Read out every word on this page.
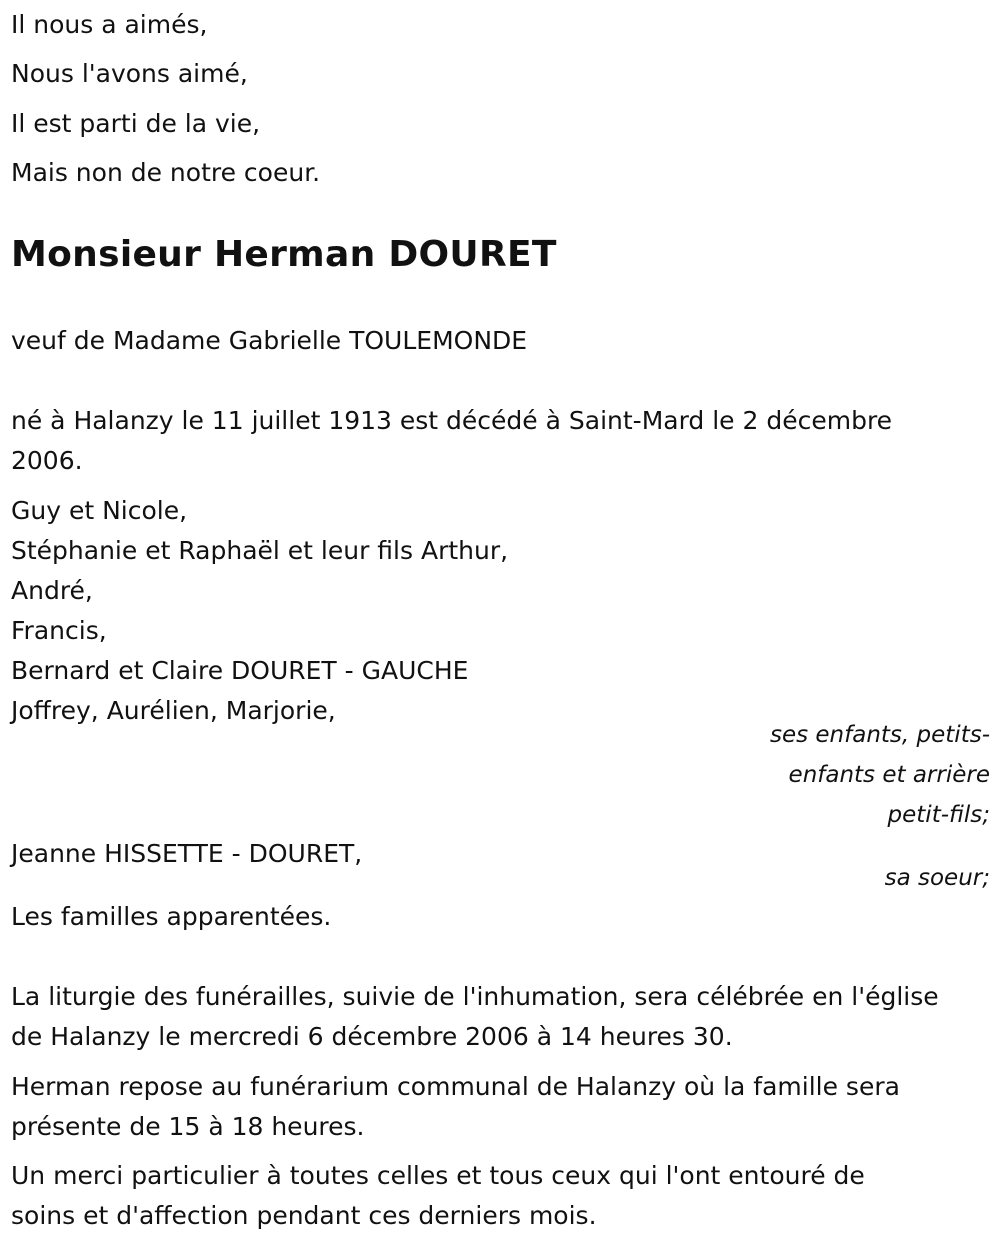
Il nous a aimés,
Nous l'avons aimé,
Il est parti de la vie,
Mais non de notre coeur.
Monsieur Herman DOURET
veuf de Madame Gabrielle TOULEMONDE
né à Halanzy le 11 juillet 1913 est décédé à Saint-Mard le 2 décembre
2006.
Guy et Nicole,
Stéphanie et Raphaël et leur fils Arthur,
André,
Francis,
Bernard et Claire DOURET - GAUCHE
Joffrey, Aurélien, Marjorie,
ses enfants, petits-
enfants et arrière
petit-fils;
Jeanne HISSETTE - DOURET,
sa soeur;
Les familles apparentées.
La liturgie des funérailles, suivie de l'inhumation, sera célébrée en l'église
de Halanzy le mercredi 6 décembre 2006 à 14 heures 30.
Herman repose au funérarium communal de Halanzy où la famille sera
présente de 15 à 18 heures.
Un merci particulier à toutes celles et tous ceux qui l'ont entouré de
soins et d'affection pendant ces derniers mois.
